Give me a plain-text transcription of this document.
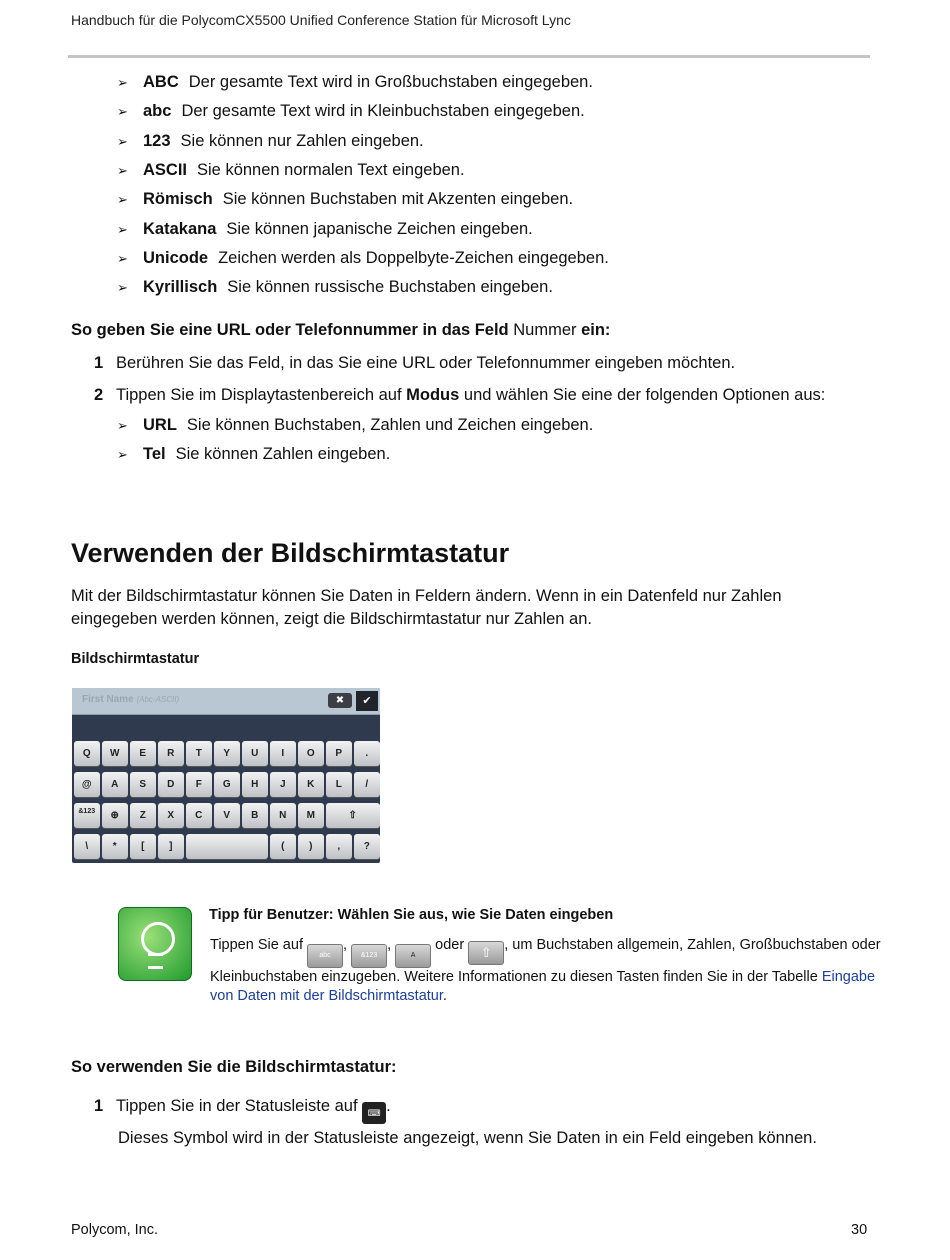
Handbuch für die PolycomCX5500 Unified Conference Station für Microsoft Lync
➢ ABC Der gesamte Text wird in Großbuchstaben eingegeben.
➢ abc Der gesamte Text wird in Kleinbuchstaben eingegeben.
➢ 123 Sie können nur Zahlen eingeben.
➢ ASCII Sie können normalen Text eingeben.
➢ Römisch Sie können Buchstaben mit Akzenten eingeben.
➢ Katakana Sie können japanische Zeichen eingeben.
➢ Unicode Zeichen werden als Doppelbyte-Zeichen eingegeben.
➢ Kyrillisch Sie können russische Buchstaben eingeben.
So geben Sie eine URL oder Telefonnummer in das Feld Nummer ein:
1 Berühren Sie das Feld, in das Sie eine URL oder Telefonnummer eingeben möchten.
2 Tippen Sie im Displaytastenbereich auf Modus und wählen Sie eine der folgenden Optionen aus:
➢ URL Sie können Buchstaben, Zahlen und Zeichen eingeben.
➢ Tel Sie können Zahlen eingeben.
Verwenden der Bildschirmtastatur
Mit der Bildschirmtastatur können Sie Daten in Feldern ändern. Wenn in ein Datenfeld nur Zahlen eingegeben werden können, zeigt die Bildschirmtastatur nur Zahlen an.
Bildschirmtastatur
First Name (Abc-ASCII)	✖	✔
Q	W	E	R	T	Y	U	I	O	P	.
@	A	S	D	F	G	H	J	K	L	/
&123	⊕	Z	X	C	V	B	N	M	⇧
\	*	[	]	(	)	,	?
Tipp für Benutzer: Wählen Sie aus, wie Sie Daten eingeben
Tippen Sie auf abc, &123, A oder ⇧ , um Buchstaben allgemein, Zahlen, Großbuchstaben oder Kleinbuchstaben einzugeben. Weitere Informationen zu diesen Tasten finden Sie in der Tabelle Eingabe von Daten mit der Bildschirmtastatur.
So verwenden Sie die Bildschirmtastatur:
1 Tippen Sie in der Statusleiste auf ⌨ .
Dieses Symbol wird in der Statusleiste angezeigt, wenn Sie Daten in ein Feld eingeben können.
Polycom, Inc.	30
